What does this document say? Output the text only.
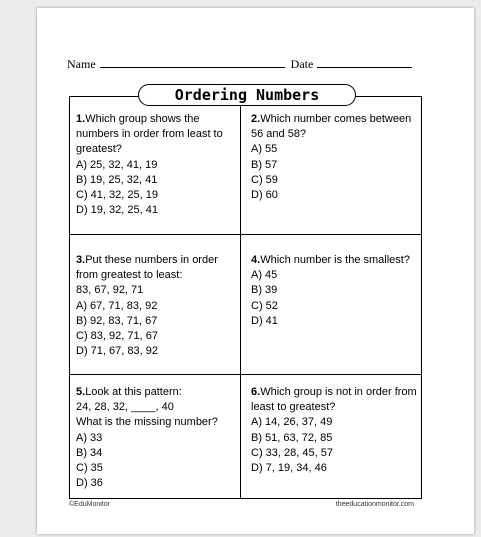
Name	Date
Ordering Numbers
1.Which group shows the numbers in order from least to greatest?
A) 25, 32, 41, 19
B) 19, 25, 32, 41
C) 41, 32, 25, 19
D) 19, 32, 25, 41
2.Which number comes between 56 and 58?
A) 55
B) 57
C) 59
D) 60
3.Put these numbers in order from greatest to least:
83, 67, 92, 71
A) 67, 71, 83, 92
B) 92, 83, 71, 67
C) 83, 92, 71, 67
D) 71, 67, 83, 92
4.Which number is the smallest?
A) 45
B) 39
C) 52
D) 41
5.Look at this pattern:
24, 28, 32, ____, 40
What is the missing number?
A) 33
B) 34
C) 35
D) 36
6.Which group is not in order from least to greatest?
A) 14, 26, 37, 49
B) 51, 63, 72, 85
C) 33, 28, 45, 57
D) 7, 19, 34, 46
©EduMonitor	theeducationmonitor.com
